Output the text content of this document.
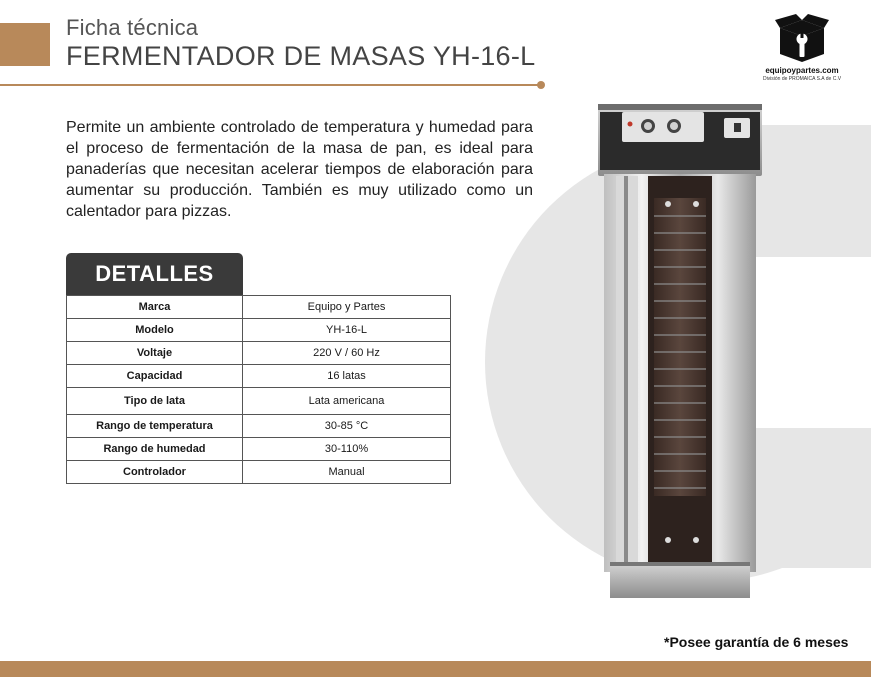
Ficha técnica
FERMENTADOR DE MASAS YH-16-L	equipoypartes.com
División de PROMAICA S.A de C.V

Permite un ambiente controlado de temperatura y humedad para el proceso de fermentación de la masa de pan, es ideal para panaderías que necesitan acelerar tiempos de elaboración para aumentar su producción. También es muy utilizado como un calentador para pizzas.

DETALLES
Marca	Equipo y Partes
Modelo	YH-16-L
Voltaje	220 V / 60 Hz
Capacidad	16 latas
Tipo de lata	Lata americana
Rango de temperatura	30-85 °C
Rango de humedad	30-110%
Controlador	Manual
*Posee garantía de 6 meses
